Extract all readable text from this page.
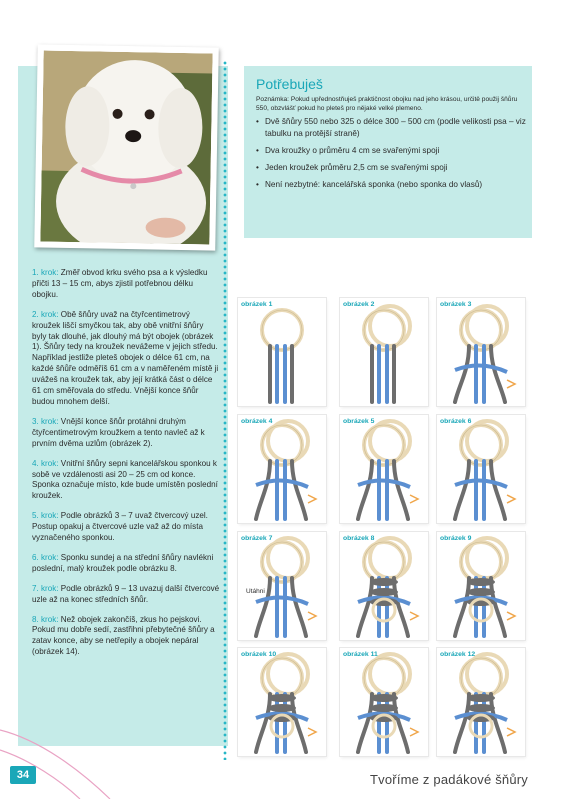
Potřebuješ
Poznámka: Pokud upřednostňuješ praktičnost obojku nad jeho krásou, určitě použij šňůru 550, obzvlášť pokud ho pleteš pro nějaké velké plemeno.
• Dvě šňůry 550 nebo 325 o délce 300 – 500 cm (podle velikosti psa – viz tabulku na protější straně)
• Dva kroužky o průměru 4 cm se svařenými spoji
• Jeden kroužek průměru 2,5 cm se svařenými spoji
• Není nezbytné: kancelářská sponka (nebo sponka do vlasů)

1. krok: Změř obvod krku svého psa a k výsledku přičti 13 – 15 cm, abys zjistil potřebnou délku obojku.

2. krok: Obě šňůry uvaž na čtyřcentimetrový kroužek liščí smyčkou tak, aby obě vnitřní šňůry byly tak dlouhé, jak dlouhý má být obojek (obrázek 1). Šňůry tedy na kroužek nevážeme v jejich středu. Například jestliže pleteš obojek o délce 61 cm, na každé šňůře odměříš 61 cm a v naměřeném místě ji uvážeš na kroužek tak, aby její krátká část o délce 61 cm směřovala do středu. Vnější konce šňůr budou mnohem delší.

3. krok: Vnější konce šňůr protáhni druhým čtyřcentimetrovým kroužkem a tento navleč až k prvním dvěma uzlům (obrázek 2).

4. krok: Vnitřní šňůry sepni kancelářskou sponkou k sobě ve vzdálenosti asi 20 – 25 cm od konce. Sponka označuje místo, kde bude umístěn poslední kroužek.

5. krok: Podle obrázků 3 – 7 uvaž čtvercový uzel. Postup opakuj a čtvercové uzle važ až do místa vyznačeného sponkou.

6. krok: Sponku sundej a na střední šňůry navlékni poslední, malý kroužek podle obrázku 8.

7. krok: Podle obrázků 9 – 13 uvazuj další čtvercové uzle až na konec středních šňůr.

8. krok: Než obojek zakončíš, zkus ho pejskovi. Pokud mu dobře sedí, zastřihni přebytečné šňůry a zatav konce, aby se netřepily a obojek nepáral (obrázek 14).

obrázek 1	obrázek 2	obrázek 3
obrázek 4	obrázek 5	obrázek 6
obrázek 7
Utáhni
obrázek 8	obrázek 9
obrázek 10	obrázek 11	obrázek 12
34	Tvoříme z padákové šňůry
